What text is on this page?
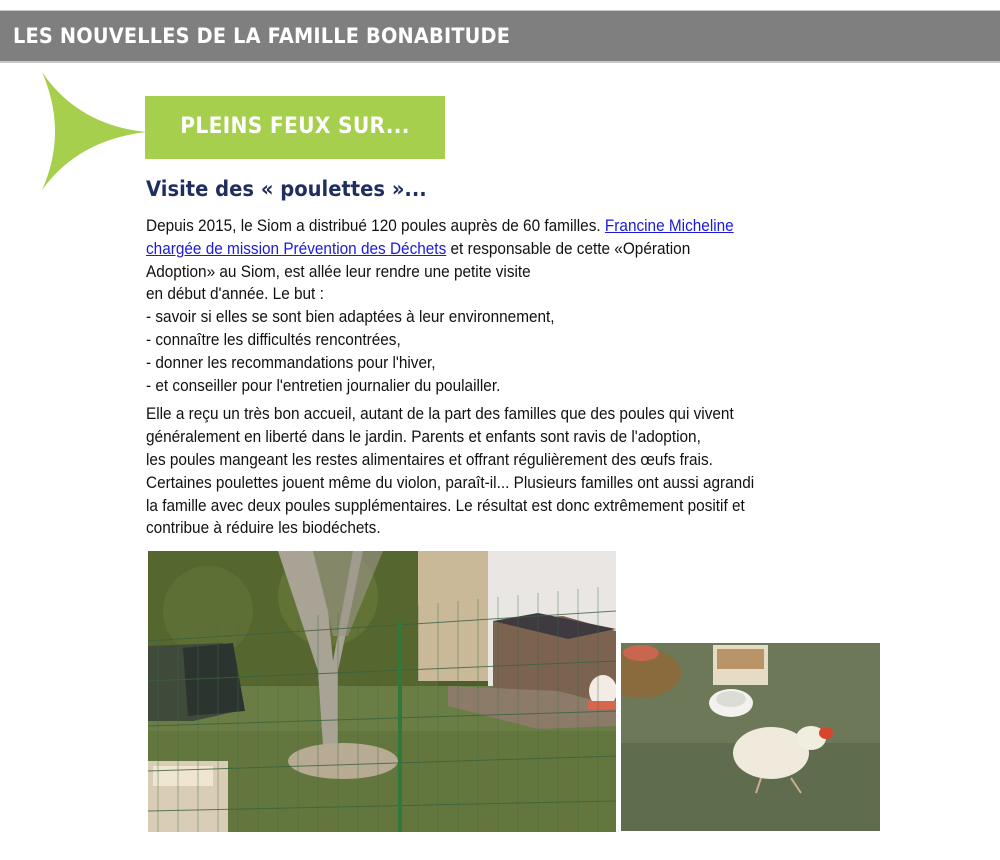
LES NOUVELLES DE LA FAMILLE BONABITUDE
PLEINS FEUX SUR...
Visite des « poulettes »...
Depuis 2015, le Siom a distribué 120 poules auprès de 60 familles. Francine Micheline
chargée de mission Prévention des Déchets et responsable de cette «Opération
Adoption» au Siom, est allée leur rendre une petite visite
en début d'année. Le but :
- savoir si elles se sont bien adaptées à leur environnement,
- connaître les difficultés rencontrées,
- donner les recommandations pour l'hiver,
- et conseiller pour l'entretien journalier du poulailler.
Elle a reçu un très bon accueil, autant de la part des familles que des poules qui vivent
généralement en liberté dans le jardin. Parents et enfants sont ravis de l'adoption,
les poules mangeant les restes alimentaires et offrant régulièrement des œufs frais.
Certaines poulettes jouent même du violon, paraît-il... Plusieurs familles ont aussi agrandi
la famille avec deux poules supplémentaires. Le résultat est donc extrêmement positif et
contribue à réduire les biodéchets.
